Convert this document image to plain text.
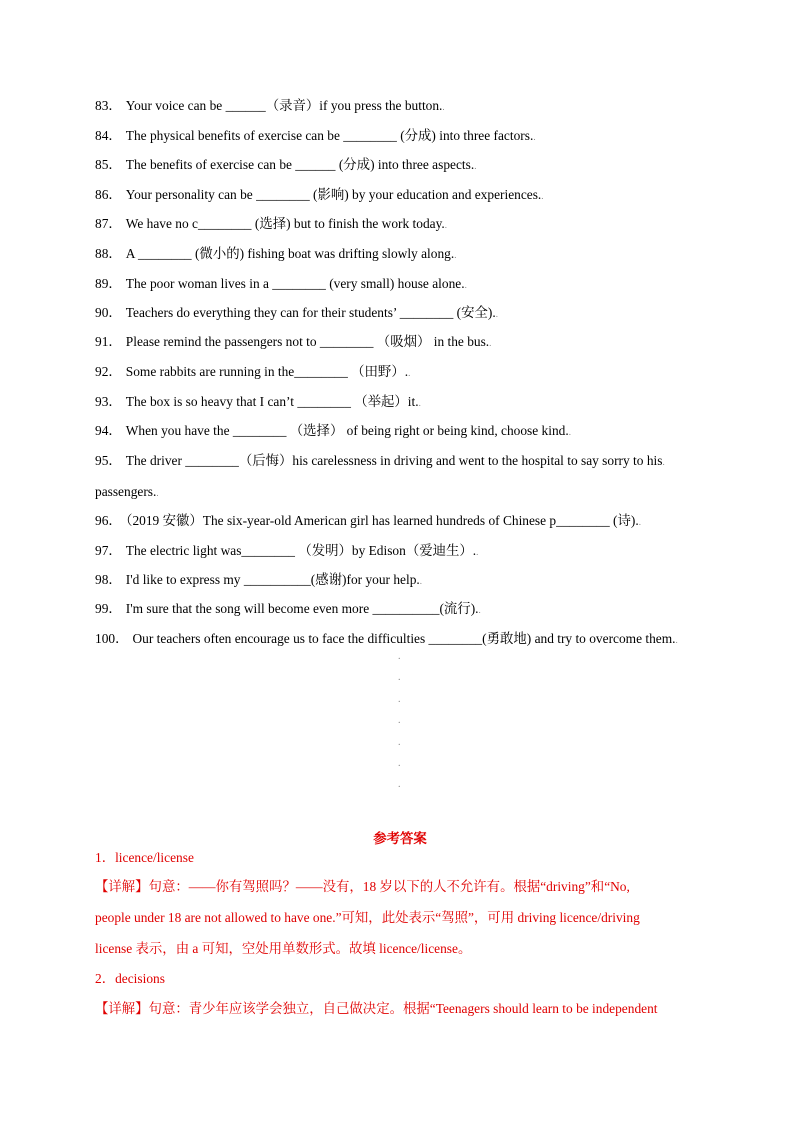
83． Your voice can be ______（录音）if you press the button..
84． The physical benefits of exercise can be ________ (分成) into three factors..
85． The benefits of exercise can be ______ (分成) into three aspects..
86． Your personality can be ________ (影响) by your education and experiences..
87． We have no c________ (选择) but to finish the work today..
88． A ________ (微小的) fishing boat was drifting slowly along..
89． The poor woman lives in a ________ (very small) house alone..
90． Teachers do everything they can for their students’ ________ (安全)..
91． Please remind the passengers not to ________ （吸烟） in the bus..
92． Some rabbits are running in the________ （田野）..
93． The box is so heavy that I can’t ________ （举起）it..
94． When you have the ________ （选择） of being right or being kind, choose kind..
95． The driver ________（后悔）his carelessness in driving and went to the hospital to say sorry to his.
passengers..
96． （2019 安徽）The six-year-old American girl has learned hundreds of Chinese p________ (诗)..
97． The electric light was________ （发明）by Edison（爱迪生）..
98． I'd like to express my __________(感谢)for your help..
99． I'm sure that the song will become even more __________(流行)..
100． Our teachers often encourage us to face the difficulties ________(勇敢地) and try to overcome them..
.
.
.
.
.
.
.
参考答案
1．licence/license
【详解】句意：——你有驾照吗？——没有，18 岁以下的人不允许有。根据“driving”和“No,
people under 18 are not allowed to have one.”可知，此处表示“驾照”，可用 driving licence/driving
license 表示，由 a 可知，空处用单数形式。故填 licence/license。
2．decisions
【详解】句意：青少年应该学会独立，自己做决定。根据“Teenagers should learn to be independent
